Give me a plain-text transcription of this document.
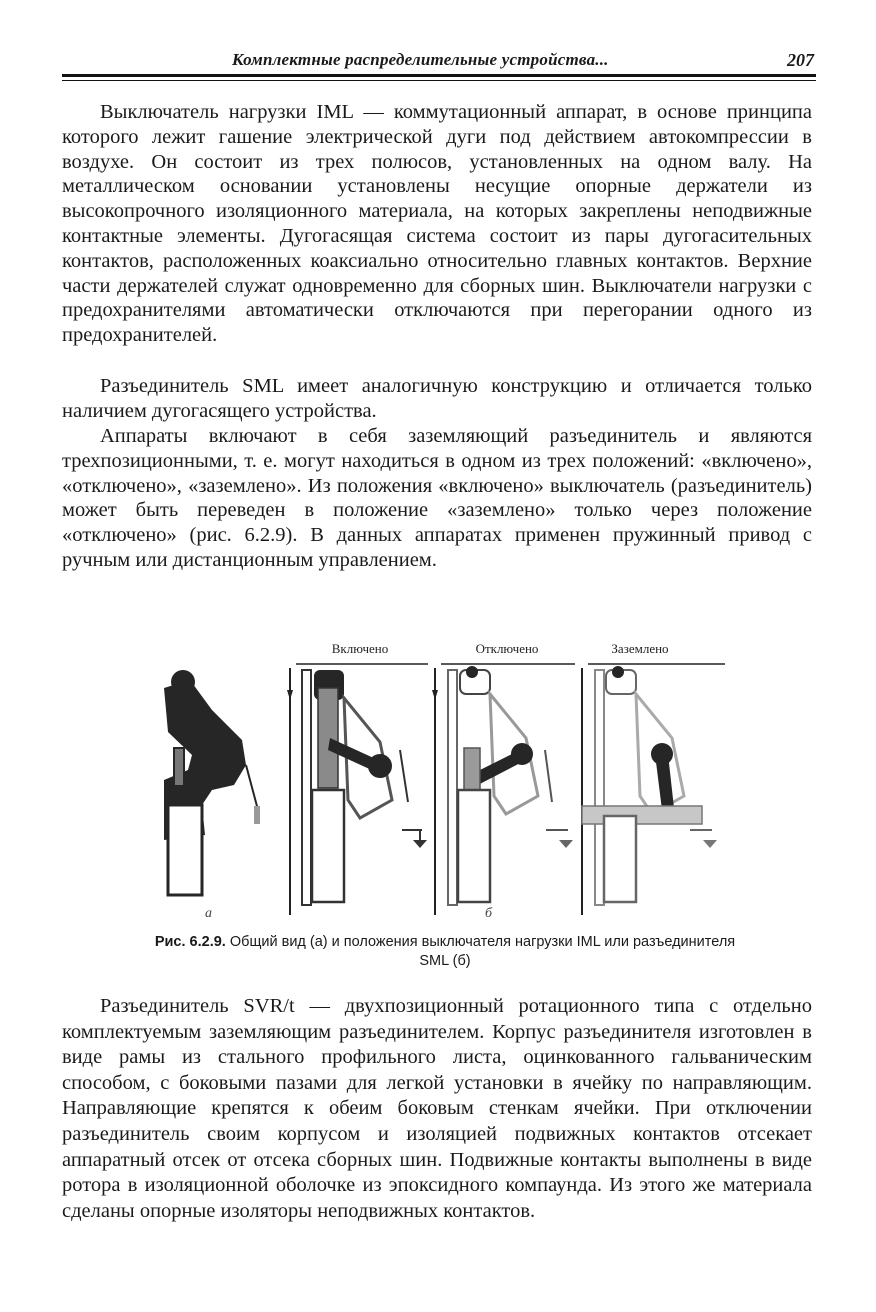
Комплектные распределительные устройства...	207

Выключатель нагрузки IML — коммутационный аппарат, в основе принципа которого лежит гашение электрической дуги под действием автокомпрессии в воздухе. Он состоит из трех полюсов, установленных на одном валу. На металлическом основании установлены несущие опорные держатели из высокопрочного изоляционного материала, на которых закреплены неподвижные контактные элементы. Дугогасящая система состоит из пары дугогасительных контактов, расположенных коаксиально относительно главных контактов. Верхние части держателей служат одновременно для сборных шин. Выключатели нагрузки с предохранителями автоматически отключаются при перегорании одного из предохранителей.

Разъединитель SML имеет аналогичную конструкцию и отличается только наличием дугогасящего устройства.

Аппараты включают в себя заземляющий разъединитель и являются трехпозиционными, т. е. могут находиться в одном из трех положений: «включено», «отключено», «заземлено». Из положения «включено» выключатель (разъединитель) может быть переведен в положение «заземлено» только через положение «отключено» (рис. 6.2.9). В данных аппаратах применен пружинный привод с ручным или дистанционным управлением.

Включено	Отключено	Заземлено
а	б
Рис. 6.2.9. Общий вид (а) и положения выключателя нагрузки IML или разъединителя SML (б)

Разъединитель SVR/t — двухпозиционный ротационного типа с отдельно комплектуемым заземляющим разъединителем. Корпус разъединителя изготовлен в виде рамы из стального профильного листа, оцинкованного гальваническим способом, с боковыми пазами для легкой установки в ячейку по направляющим. Направляющие крепятся к обеим боковым стенкам ячейки. При отключении разъединитель своим корпусом и изоляцией подвижных контактов отсекает аппаратный отсек от отсека сборных шин. Подвижные контакты выполнены в виде ротора в изоляционной оболочке из эпоксидного компаунда. Из этого же материала сделаны опорные изоляторы неподвижных контактов.
